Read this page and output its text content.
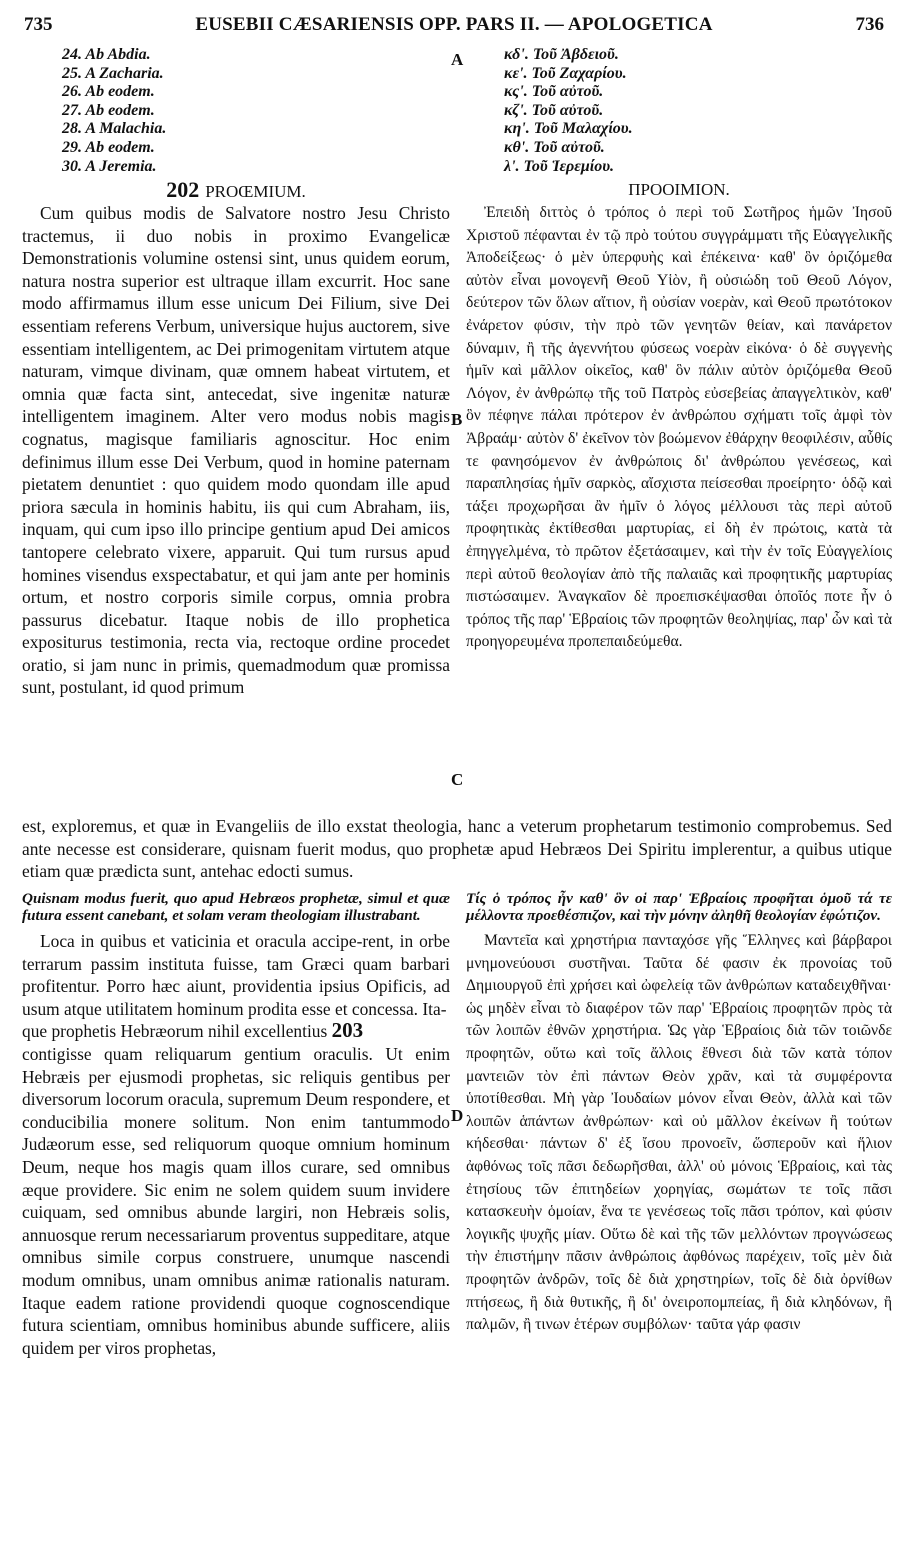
735	EUSEBII CÆSARIENSIS OPP. PARS II. — APOLOGETICA	736
24. Ab Abdia.
25. A Zacharia.
26. Ab eodem.
27. Ab eodem.
28. A Malachia.
29. Ab eodem.
30. A Jeremia.
κδ'. Τοῦ Ἀβδειοῦ.
κε'. Τοῦ Ζαχαρίου.
κς'. Τοῦ αὐτοῦ.
κζ'. Τοῦ αὐτοῦ.
κη'. Τοῦ Μαλαχίου.
κθ'. Τοῦ αὐτοῦ.
λ'. Τοῦ Ἱερεμίου.
A
202 PROŒMIUM.

Cum quibus modis de Salvatore nostro Jesu Christo tractemus, ii duo nobis in proximo Evangelicæ Demonstrationis volumine ostensi sint, unus quidem eorum, natura nostra superior est ultraque illam excurrit. Hoc sane modo affirmamus illum esse unicum Dei Filium, sive Dei essentiam referens Verbum, universique hujus auctorem, sive essentiam intelligentem, ac Dei primogenitam virtutem atque naturam, vimque divinam, quæ omnem habeat virtutem, et omnia quæ facta sint, antecedat, sive ingenitæ naturæ intelligentem imaginem. Alter vero modus nobis magis cognatus, magisque familiaris agnoscitur. Hoc enim definimus illum esse Dei Verbum, quod in homine paternam pietatem denuntiet : quo quidem modo quondam ille apud priora sæcula in hominis habitu, iis qui cum Abraham, iis, inquam, qui cum ipso illo principe gentium apud Dei amicos tantopere celebrato vixere, apparuit. Qui tum rursus apud homines visendus exspectabatur, et qui jam ante per hominis ortum, et nostro corporis simile corpus, omnia probra passurus dicebatur. Itaque nobis de illo prophetica expositurus testimonia, recta via, rectoque ordine procedet oratio, si jam nunc in primis, quemadmodum quæ promissa sunt, postulant, id quod primum

ΠΡΟΟΙΜΙΟΝ.

Ἐπειδὴ διττὸς ὁ τρόπος ὁ περὶ τοῦ Σωτῆρος ἡμῶν Ἰησοῦ Χριστοῦ πέφανται ἐν τῷ πρὸ τούτου συγγράμματι τῆς Εὐαγγελικῆς Ἀποδείξεως· ὁ μὲν ὑπερφυὴς καὶ ἐπέκεινα· καθ' ὃν ὁριζόμεθα αὐτὸν εἶναι μονογενῆ Θεοῦ Υἱὸν, ἢ οὐσιώδη τοῦ Θεοῦ Λόγον, δεύτερον τῶν ὅλων αἴτιον, ἢ οὐσίαν νοερὰν, καὶ Θεοῦ πρωτότοκον ἐνάρετον φύσιν, τὴν πρὸ τῶν γενητῶν θείαν, καὶ πανάρετον δύναμιν, ἢ τῆς ἀγεννήτου φύσεως νοερὰν εἰκόνα· ὁ δὲ συγγενὴς ἡμῖν καὶ μᾶλλον οἰκεῖος, καθ' ὃν πάλιν αὐτὸν ὁριζόμεθα Θεοῦ Λόγον, ἐν ἀνθρώπῳ τῆς τοῦ Πατρὸς εὐσεβείας ἀπαγγελτικὸν, καθ' ὃν πέφηνε πάλαι πρότερον ἐν ἀνθρώπου σχήματι τοῖς ἀμφὶ τὸν Ἀβραάμ· αὐτὸν δ' ἐκεῖνον τὸν βοώμενον ἐθάρχην θεοφιλέσιν, αὖθίς τε φανησόμενον ἐν ἀνθρώποις δι' ἀνθρώπου γενέσεως, καὶ παραπλησίας ἡμῖν σαρκὸς, αἴσχιστα πείσεσθαι προείρητο· ὁδῷ καὶ τάξει προχωρῆσαι ἂν ἡμῖν ὁ λόγος μέλλουσι τὰς περὶ αὐτοῦ προφητικὰς ἐκτίθεσθαι μαρτυρίας, εἰ δὴ ἐν πρώτοις, κατὰ τὰ ἐπηγγελμένα, τὸ πρῶτον ἐξετάσαιμεν, καὶ τὴν ἐν τοῖς Εὐαγγελίοις περὶ αὐτοῦ θεολογίαν ἀπὸ τῆς παλαιᾶς καὶ προφητικῆς μαρτυρίας πιστώσαιμεν. Ἀναγκαῖον δὲ προεπισκέψασθαι ὁποῖός ποτε ἦν ὁ τρόπος τῆς παρ' Ἑβραίοις τῶν προφητῶν θεοληψίας, παρ' ὧν καὶ τὰ προηγορευμένα προπεπαιδεύμεθα.

B
C
est, exploremus, et quæ in Evangeliis de illo exstat theologia, hanc a veterum prophetarum testimonio comprobemus. Sed ante necesse est considerare, quisnam fuerit modus, quo prophetæ apud Hebræos Dei Spiritu implerentur, a quibus utique etiam quæ prædicta sunt, antehac edocti sumus.

Quisnam modus fuerit, quo apud Hebræos prophetæ, simul et quæ futura essent canebant, et solam veram theologiam illustrabant.

Loca in quibus et vaticinia et oracula accipe-rent, in orbe terrarum passim instituta fuisse, tam Græci quam barbari profitentur. Porro hæc aiunt, providentia ipsius Opificis, ad usum atque utilitatem hominum prodita esse et concessa. Ita-

que prophetis Hebræorum nihil excellentius 203

contigisse quam reliquarum gentium oraculis. Ut enim Hebræis per ejusmodi prophetas, sic reliquis gentibus per diversorum locorum oracula, supremum Deum respondere, et conducibilia monere solitum. Non enim tantummodo Judæorum esse, sed reliquorum quoque omnium hominum Deum, neque hos magis quam illos curare, sed omnibus æque providere. Sic enim ne solem quidem suum invidere cuiquam, sed omnibus abunde largiri, non Hebræis solis, annuosque rerum necessariarum proventus suppeditare, atque omnibus simile corpus construere, unumque nascendi modum omnibus, unam omnibus animæ rationalis naturam. Itaque eadem ratione providendi quoque cognoscendique futura scientiam, omnibus hominibus abunde sufficere, aliis quidem per viros prophetas,

Τίς ὁ τρόπος ἦν καθ' ὃν οἱ παρ' Ἑβραίοις προφῆται ὁμοῦ τά τε μέλλοντα προεθέσπιζον, καὶ τὴν μόνην ἀληθῆ θεολογίαν ἐφώτιζον.

Μαντεῖα καὶ χρηστήρια πανταχόσε γῆς Ἕλληνες καὶ βάρβαροι μνημονεύουσι συστῆναι. Ταῦτα δέ φασιν ἐκ προνοίας τοῦ Δημιουργοῦ ἐπὶ χρήσει καὶ ὠφελείᾳ τῶν ἀνθρώπων καταδειχθῆναι· ὡς μηδὲν εἶναι τὸ διαφέρον τῶν παρ' Ἑβραίοις προφητῶν πρὸς τὰ τῶν λοιπῶν ἐθνῶν χρηστήρια. Ὡς γὰρ Ἑβραίοις διὰ τῶν τοιῶνδε προφητῶν, οὕτω καὶ τοῖς ἄλλοις ἔθνεσι διὰ τῶν κατὰ τόπον μαντειῶν τὸν ἐπὶ πάντων Θεὸν χρᾶν, καὶ τὰ συμφέροντα ὑποτίθεσθαι. Μὴ γὰρ Ἰουδαίων μόνον εἶναι Θεὸν, ἀλλὰ καὶ τῶν λοιπῶν ἁπάντων ἀνθρώπων· καὶ οὐ μᾶλλον ἐκείνων ἢ τούτων κήδεσθαι· πάντων δ' ἐξ ἴσου προνοεῖν, ὥσπεροῦν καὶ ἥλιον ἀφθόνως τοῖς πᾶσι δεδωρῆσθαι, ἀλλ' οὐ μόνοις Ἑβραίοις, καὶ τὰς ἐτησίους τῶν ἐπιτηδείων χορηγίας, σωμάτων τε τοῖς πᾶσι κατασκευὴν ὁμοίαν, ἕνα τε γενέσεως τοῖς πᾶσι τρόπον, καὶ φύσιν λογικῆς ψυχῆς μίαν. Οὕτω δὲ καὶ τῆς τῶν μελλόντων προγνώσεως τὴν ἐπιστήμην πᾶσιν ἀνθρώποις ἀφθόνως παρέχειν, τοῖς μὲν διὰ προφητῶν ἀνδρῶν, τοῖς δὲ διὰ χρηστηρίων, τοῖς δὲ διὰ ὀρνίθων πτήσεως, ἢ διὰ θυτικῆς, ἢ δι' ὀνειροπομπείας, ἢ διὰ κληδόνων, ἢ παλμῶν, ἢ τινων ἑτέρων συμβόλων· ταῦτα γάρ φασιν

D
